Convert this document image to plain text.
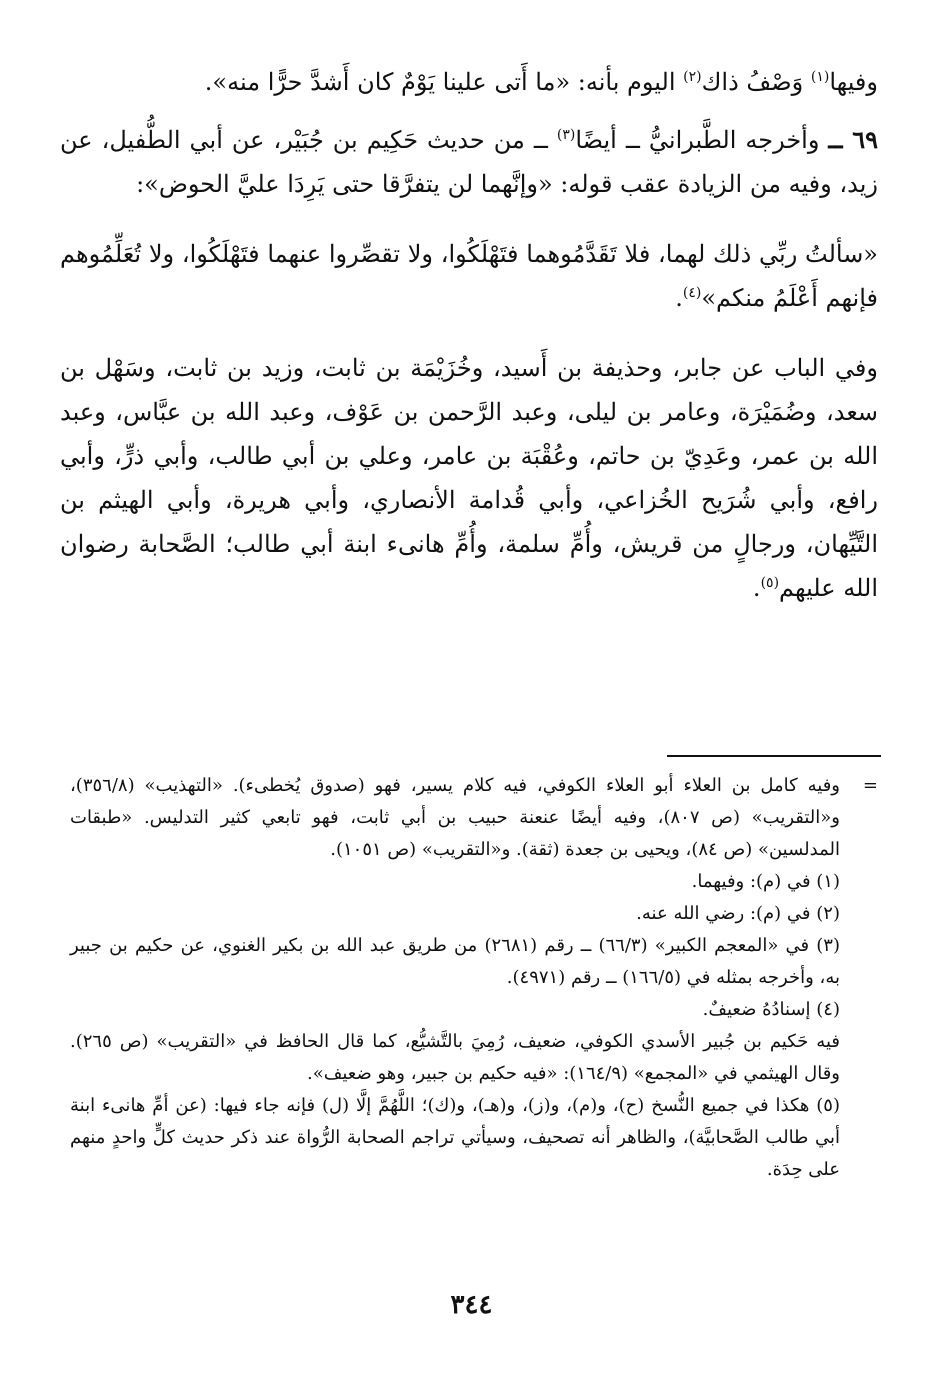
وفيها$^{(١)}$ وَصْفُ ذاك$^{(٢)}$ اليوم بأنه: «ما أَتى علينا يَوْمٌ كان أَشدَّ حرًّا منه».

٦٩ ــ وأخرجه الطَّبرانيُّ ــ أيضًا$^{(٣)}$ ــ من حديث حَكِيم بن جُبَيْر، عن أبي الطُّفيل، عن زيد، وفيه من الزيادة عقب قوله: «وإنَّهما لن يتفرَّقا حتى يَرِدَا عليَّ الحوض»:

«سألتُ ربِّي ذلك لهما، فلا تَقَدَّمُوهما فتَهْلَكُوا، ولا تقصِّروا عنهما فتَهْلَكُوا، ولا تُعَلِّمُوهم فإنهم أَعْلَمُ منكم»$^{(٤)}$.

وفي الباب عن جابر، وحذيفة بن أَسيد، وخُزَيْمَة بن ثابت، وزيد بن ثابت، وسَهْل بن سعد، وضُمَيْرَة، وعامر بن ليلى، وعبد الرَّحمن بن عَوْف، وعبد الله بن عبَّاس، وعبد الله بن عمر، وعَدِيّ بن حاتم، وعُقْبَة بن عامر، وعلي بن أبي طالب، وأبي ذرٍّ، وأبي رافع، وأبي شُرَيح الخُزاعي، وأبي قُدامة الأنصاري، وأبي هريرة، وأبي الهيثم بن التَّيِّهان، ورجالٍ من قريش، وأُمِّ سلمة، وأُمِّ هانىء ابنة أبي طالب؛ الصَّحابة رضوان الله عليهم$^{(٥)}$.

=
وفيه كامل بن العلاء أبو العلاء الكوفي، فيه كلام يسير، فهو (صدوق يُخطىء). «التهذيب» (٣٥٦/٨)، و«التقريب» (ص ٨٠٧)، وفيه أيضًا عنعنة حبيب بن أبي ثابت، فهو تابعي كثير التدليس. «طبقات المدلسين» (ص ٨٤)، ويحيى بن جعدة (ثقة). و«التقريب» (ص ١٠٥١).

(١) في (م): وفيهما.

(٢) في (م): رضي الله عنه.

(٣) في «المعجم الكبير» (٦٦/٣) ــ رقم (٢٦٨١) من طريق عبد الله بن بكير الغنوي، عن حكيم بن جبير به، وأخرجه بمثله في (١٦٦/٥) ــ رقم (٤٩٧١).

(٤) إسنادُهُ ضعيفٌ.

فيه حَكيم بن جُبير الأسدي الكوفي، ضعيف، رُمِيَ بالتَّشيُّع، كما قال الحافظ في «التقريب» (ص ٢٦٥). وقال الهيثمي في «المجمع» (١٦٤/٩): «فيه حكيم بن جبير، وهو ضعيف».

(٥) هكذا في جميع النُّسخ (ح)، و(م)، و(ز)، و(هـ)، و(ك)؛ اللَّهُمَّ إلَّا (ل) فإنه جاء فيها: (عن أمِّ هانىء ابنة أبي طالب الصَّحابيَّة)، والظاهر أنه تصحيف، وسيأتي تراجم الصحابة الرُّواة عند ذكر حديث كلٍّ واحدٍ منهم على حِدَة.

٣٤٤
